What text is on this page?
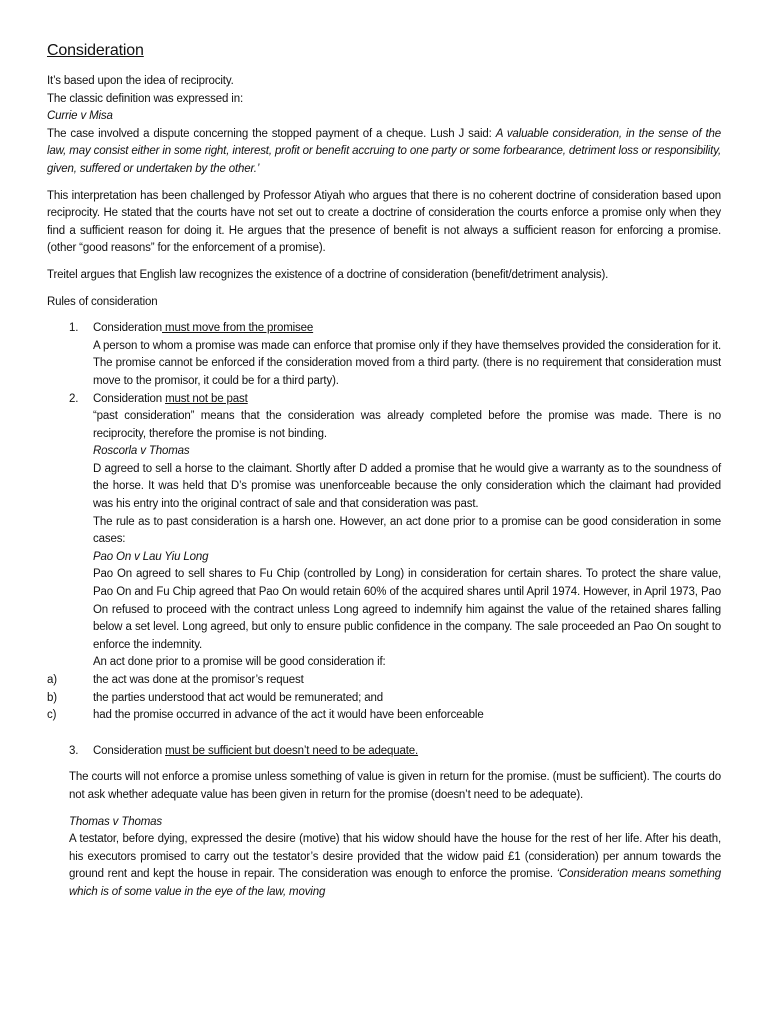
Consideration

It’s based upon the idea of reciprocity.

The classic definition was expressed in:

Currie v Misa

The case involved a dispute concerning the stopped payment of a cheque. Lush J said: A valuable consideration, in the sense of the law, may consist either in some right, interest, profit or benefit accruing to one party or some forbearance, detriment loss or responsibility, given, suffered or undertaken by the other.’

This interpretation has been challenged by Professor Atiyah who argues that there is no coherent doctrine of consideration based upon reciprocity. He stated that the courts have not set out to create a doctrine of consideration the courts enforce a promise only when they find a sufficient reason for doing it. He argues that the presence of benefit is not always a sufficient reason for enforcing a promise. (other “good reasons” for the enforcement of a promise).

Treitel argues that English law recognizes the existence of a doctrine of consideration (benefit/detriment analysis).

Rules of consideration

1. Consideration must move from the promisee

A person to whom a promise was made can enforce that promise only if they have themselves provided the consideration for it. The promise cannot be enforced if the consideration moved from a third party. (there is no requirement that consideration must move to the promisor, it could be for a third party).

2. Consideration must not be past

“past consideration” means that the consideration was already completed before the promise was made. There is no reciprocity, therefore the promise is not binding.

Roscorla v Thomas

D agreed to sell a horse to the claimant. Shortly after D added a promise that he would give a warranty as to the soundness of the horse. It was held that D’s promise was unenforceable because the only consideration which the claimant had provided was his entry into the original contract of sale and that consideration was past.

The rule as to past consideration is a harsh one. However, an act done prior to a promise can be good consideration in some cases:

Pao On v Lau Yiu Long

Pao On agreed to sell shares to Fu Chip (controlled by Long) in consideration for certain shares. To protect the share value, Pao On and Fu Chip agreed that Pao On would retain 60% of the acquired shares until April 1974. However, in April 1973, Pao On refused to proceed with the contract unless Long agreed to indemnify him against the value of the retained shares falling below a set level. Long agreed, but only to ensure public confidence in the company. The sale proceeded an Pao On sought to enforce the indemnity.

An act done prior to a promise will be good consideration if:

a)	the act was done at the promisor’s request

b)	the parties understood that act would be remunerated; and

c)	had the promise occurred in advance of the act it would have been enforceable

3. Consideration must be sufficient but doesn’t need to be adequate.

The courts will not enforce a promise unless something of value is given in return for the promise. (must be sufficient). The courts do not ask whether adequate value has been given in return for the promise (doesn’t need to be adequate).

Thomas v Thomas

A testator, before dying, expressed the desire (motive) that his widow should have the house for the rest of her life. After his death, his executors promised to carry out the testator’s desire provided that the widow paid £1 (consideration) per annum towards the ground rent and kept the house in repair. The consideration was enough to enforce the promise. ‘Consideration means something which is of some value in the eye of the law, moving
